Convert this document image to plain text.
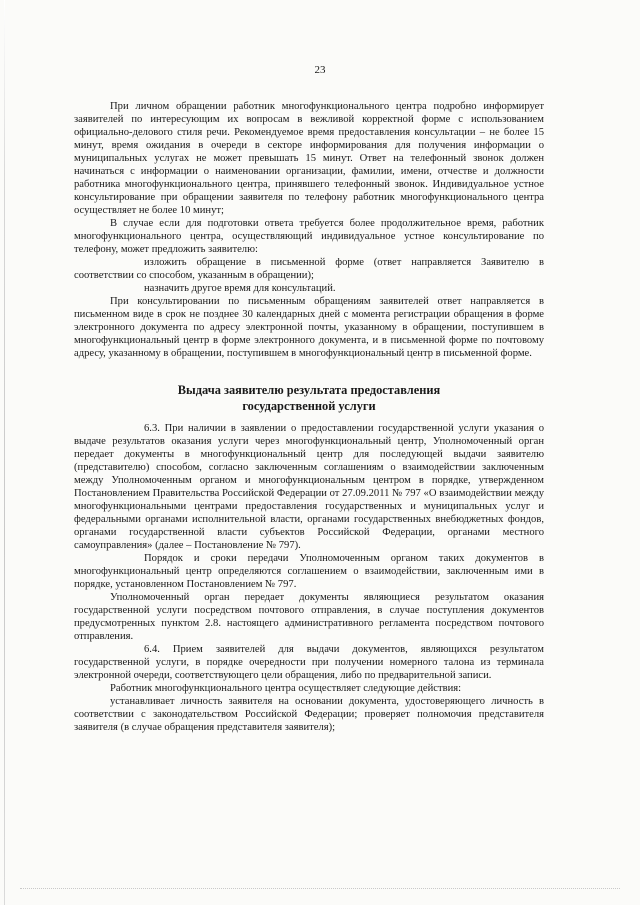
23

При личном обращении работник многофункционального центра подробно информирует заявителей по интересующим их вопросам в вежливой корректной форме с использованием официально-делового стиля речи. Рекомендуемое время предоставления консультации – не более 15 минут, время ожидания в очереди в секторе информирования для получения информации о муниципальных услугах не может превышать 15 минут. Ответ на телефонный звонок должен начинаться с информации о наименовании организации, фамилии, имени, отчестве и должности работника многофункционального центра, принявшего телефонный звонок. Индивидуальное устное консультирование при обращении заявителя по телефону работник многофункционального центра осуществляет не более 10 минут;

В случае если для подготовки ответа требуется более продолжительное время, работник многофункционального центра, осуществляющий индивидуальное устное консультирование по телефону, может предложить заявителю:

изложить обращение в письменной форме (ответ направляется Заявителю в соответствии со способом, указанным в обращении);

назначить другое время для консультаций.

При консультировании по письменным обращениям заявителей ответ направляется в письменном виде в срок не позднее 30 календарных дней с момента регистрации обращения в форме электронного документа по адресу электронной почты, указанному в обращении, поступившем в многофункциональный центр в форме электронного документа, и в письменной форме по почтовому адресу, указанному в обращении, поступившем в многофункциональный центр в письменной форме.

Выдача заявителю результата предоставления
государственной услуги

6.3. При наличии в заявлении о предоставлении государственной услуги указания о выдаче результатов оказания услуги через многофункциональный центр, Уполномоченный орган передает документы в многофункциональный центр для последующей выдачи заявителю (представителю) способом, согласно заключенным соглашениям о взаимодействии заключенным между Уполномоченным органом и многофункциональным центром в порядке, утвержденном Постановлением Правительства Российской Федерации от 27.09.2011 № 797 «О взаимодействии между многофункциональными центрами предоставления государственных и муниципальных услуг и федеральными органами исполнительной власти, органами государственных внебюджетных фондов, органами государственной власти субъектов Российской Федерации, органами местного самоуправления» (далее – Постановление № 797).

Порядок и сроки передачи Уполномоченным органом таких документов в многофункциональный центр определяются соглашением о взаимодействии, заключенным ими в порядке, установленном Постановлением № 797.

Уполномоченный орган передает документы являющиеся результатом оказания государственной услуги посредством почтового отправления, в случае поступления документов предусмотренных пунктом 2.8. настоящего административного регламента посредством почтового отправления.

6.4. Прием заявителей для выдачи документов, являющихся результатом государственной услуги, в порядке очередности при получении номерного талона из терминала электронной очереди, соответствующего цели обращения, либо по предварительной записи.

Работник многофункционального центра осуществляет следующие действия:

устанавливает личность заявителя на основании документа, удостоверяющего личность в соответствии с законодательством Российской Федерации; проверяет полномочия представителя заявителя (в случае обращения представителя заявителя);
